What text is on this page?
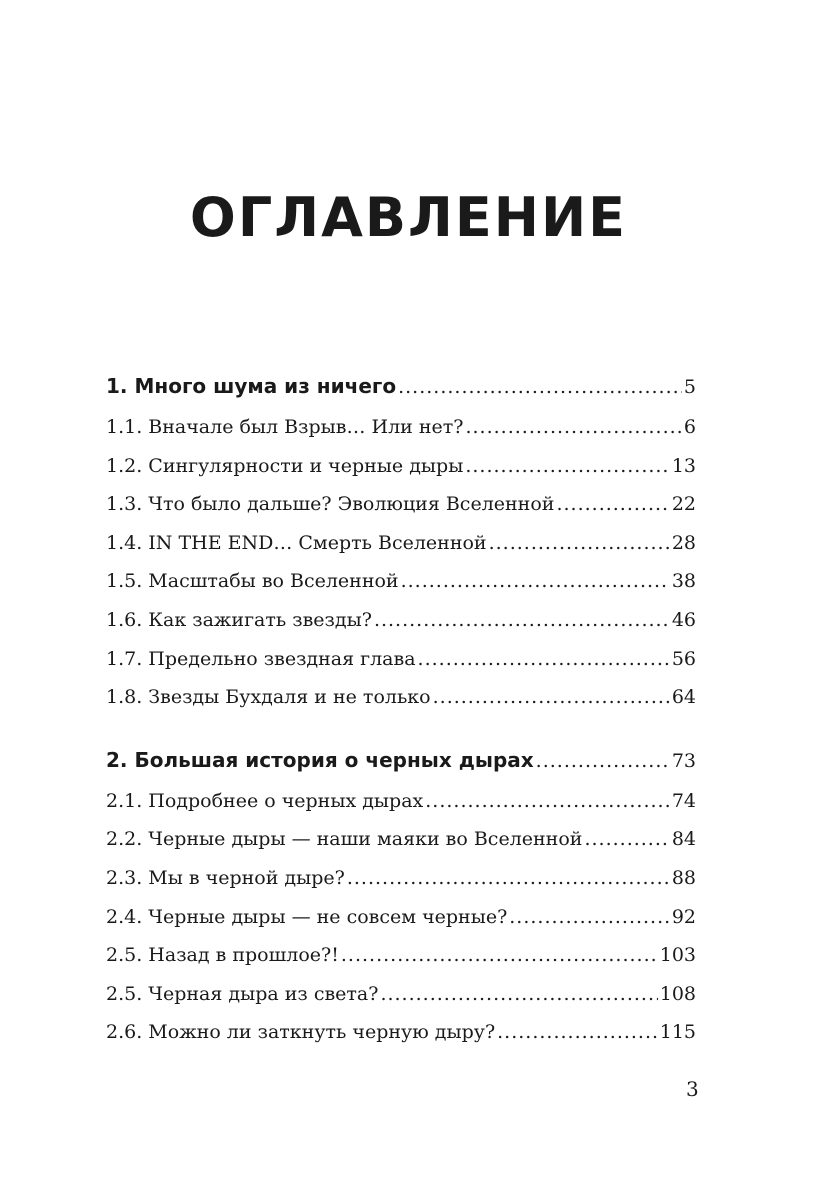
ОГЛАВЛЕНИЕ
1. Много шума из ничего .....	5
1.1. Вначале был Взрыв… Или нет? .....	6
1.2. Сингулярности и черные дыры .....	13
1.3. Что было дальше? Эволюция Вселенной .....	22
1.4. IN THE END… Смерть Вселенной .....	28
1.5. Масштабы во Вселенной .....	38
1.6. Как зажигать звезды? .....	46
1.7. Предельно звездная глава .....	56
1.8. Звезды Бухдаля и не только .....	64
2. Большая история о черных дырах .....	73
2.1. Подробнее о черных дырах .....	74
2.2. Черные дыры — наши маяки во Вселенной .....	84
2.3. Мы в черной дыре? .....	88
2.4. Черные дыры — не совсем черные? .....	92
2.5. Назад в прошлое?! .....	103
2.5. Черная дыра из света? .....	108
2.6. Можно ли заткнуть черную дыру? .....	115
3
